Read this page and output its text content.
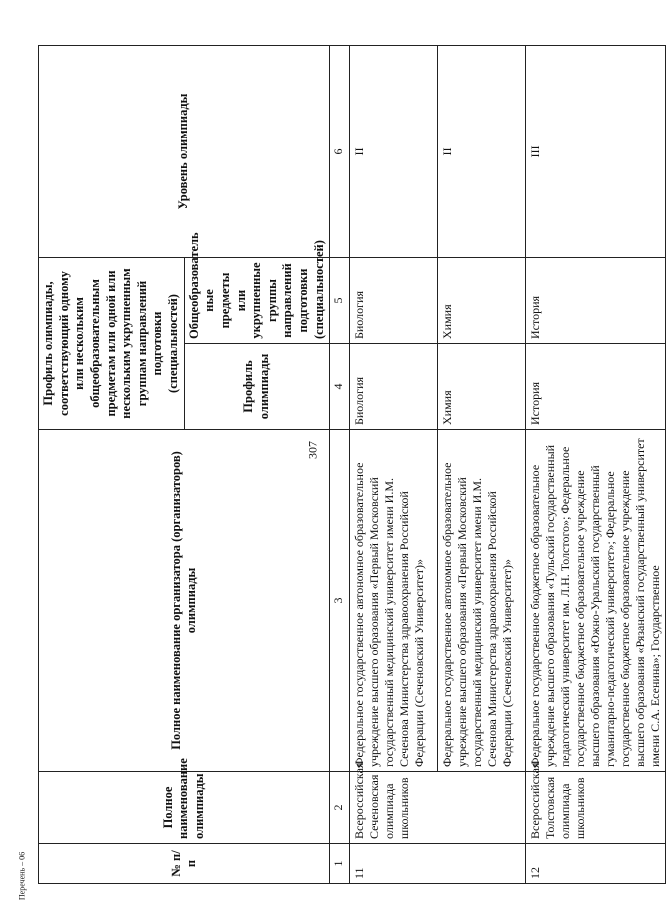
307
Перечень – 06	№ п/п	Полное наименование олимпиады	Полное наименование организатора (организаторов) олимпиады	Профиль олимпиады, соответствующий одному или нескольким общеобразовательным предметам или одной или нескольким укрупненным группам направлений подготовки (специальностей)		Уровень олимпиады
			Профиль олимпиады	Общеобразователь ные предметы или укрупненные группы направлений подготовки (специальностей)	
1	2	3	4	5	6
11	Всероссийская Сеченовская олимпиада школьников	Федеральное государственное автономное образовательное учреждение высшего образования «Первый Московский государственный медицинский университет имени И.М. Сеченова Министерства здравоохранения Российской Федерации (Сеченовский Университет)»	Биология	Биология	II
		Федеральное государственное автономное образовательное учреждение высшего образования «Первый Московский государственный медицинский университет имени И.М. Сеченова Министерства здравоохранения Российской Федерации (Сеченовский Университет)»	Химия	Химия	II
12	Всероссийская Толстовская олимпиада школьников	Федеральное государственное бюджетное образовательное учреждение высшего образования «Тульский государственный педагогический университет им. Л.Н. Толстого»; Федеральное государственное бюджетное образовательное учреждение высшего образования «Южно-Уральский государственный гуманитарно-педагогический университет»; Федеральное государственное бюджетное образовательное учреждение высшего образования «Рязанский государственный университет имени С.А. Есенина»; Государственное	История	История	III
